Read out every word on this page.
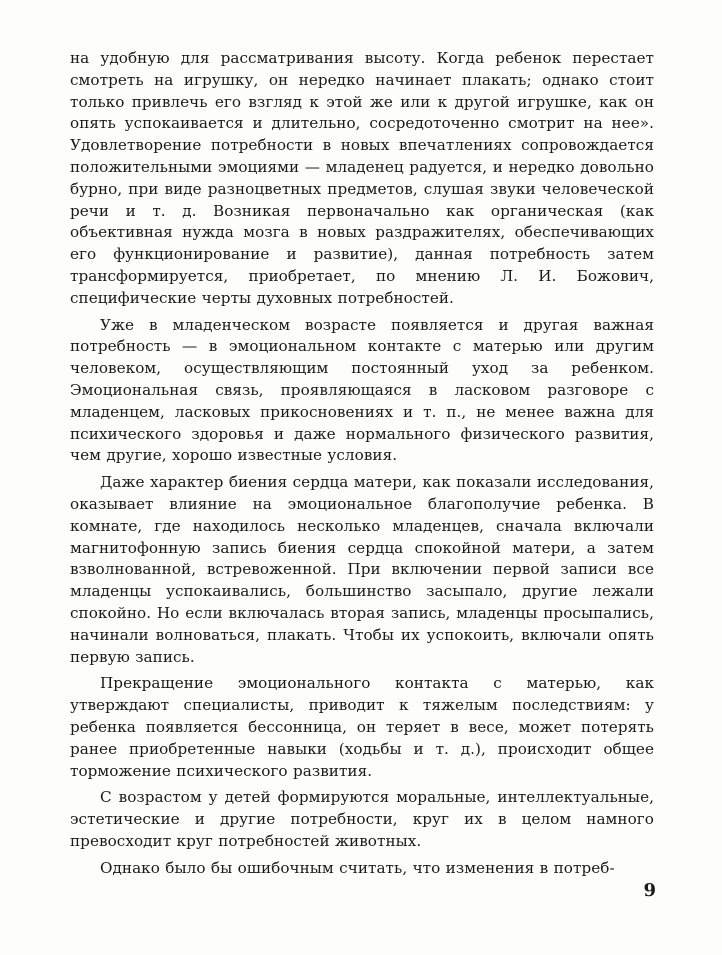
на удобную для рассматривания высоту. Когда ребенок перестает смотреть на игрушку, он нередко начинает плакать; однако стоит только привлечь его взгляд к этой же или к другой игрушке, как он опять успокаивается и длительно, сосредоточенно смотрит на нее». Удовлетворение потребности в новых впечатлениях сопровождается положительными эмоциями — младенец радуется, и нередко довольно бурно, при виде разноцветных предметов, слушая звуки человеческой речи и т. д. Возникая первоначально как органическая (как объективная нужда мозга в новых раздражителях, обеспечивающих его функционирование и развитие), данная потребность затем трансформируется, приобретает, по мнению Л. И. Божович, специфические черты духовных потребностей.

Уже в младенческом возрасте появляется и другая важная потребность — в эмоциональном контакте с матерью или другим человеком, осуществляющим постоянный уход за ребенком. Эмоциональная связь, проявляющаяся в ласковом разговоре с младенцем, ласковых прикосновениях и т. п., не менее важна для психического здоровья и даже нормального физического развития, чем другие, хорошо известные условия.

Даже характер биения сердца матери, как показали исследования, оказывает влияние на эмоциональное благополучие ребенка. В комнате, где находилось несколько младенцев, сначала включали магнитофонную запись биения сердца спокойной матери, а затем взволнованной, встревоженной. При включении первой записи все младенцы успокаивались, большинство засыпало, другие лежали спокойно. Но если включалась вторая запись, младенцы просыпались, начинали волноваться, плакать. Чтобы их успокоить, включали опять первую запись.

Прекращение эмоционального контакта с матерью, как утверждают специалисты, приводит к тяжелым последствиям: у ребенка появляется бессонница, он теряет в весе, может потерять ранее приобретенные навыки (ходьбы и т. д.), происходит общее торможение психического развития.

С возрастом у детей формируются моральные, интеллектуальные, эстетические и другие потребности, круг их в целом намного превосходит круг потребностей животных.

Однако было бы ошибочным считать, что изменения в потреб-

9
